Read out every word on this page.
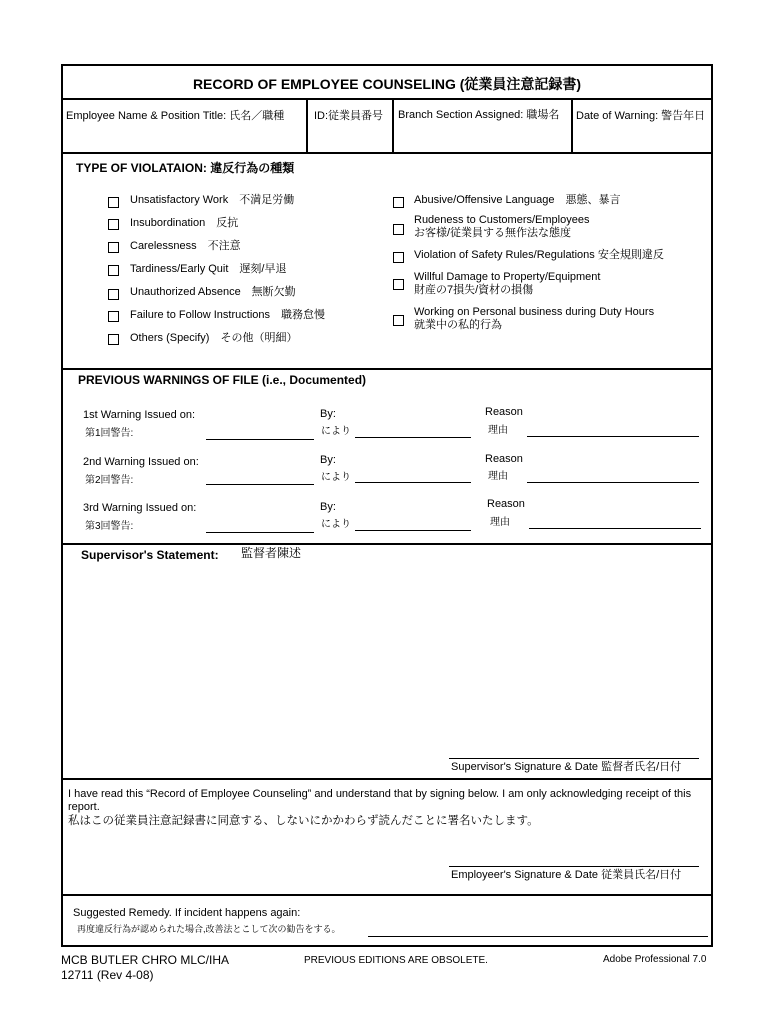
RECORD OF EMPLOYEE COUNSELING (従業員注意記録書)
Employee Name & Position Title: 氏名／職種	ID:従業員番号 Branch Section Assigned: 職場名 Date of Warning: 警告年日
TYPE OF VIOLATAION: 違反行為の種類
Unsatisfactory Work　不満足労働
Insubordination　反抗
Carelessness　不注意
Tardiness/Early Quit　遅刻/早退
Unauthorized Absence　無断欠勤
Failure to Follow Instructions　職務怠慢
Others (Specify)　その他（明細）
Abusive/Offensive Language　悪態、暴言
Rudeness to Customers/Employees
お客様/従業員する無作法な態度
Violation of Safety Rules/Regulations 安全規則違反
Willful Damage to Property/Equipment
財産の7損失/資材の損傷
Working on Personal business during Duty Hours
就業中の私的行為
PREVIOUS WARNINGS OF FILE (i.e., Documented)
1st Warning Issued on:
第1回警告:
By:
により
Reason
理由
2nd Warning Issued on:
第2回警告:
By:
により
Reason
理由
3rd Warning Issued on:
第3回警告:
By:
により
Reason
理由
Supervisor's Statement: 監督者陳述
Supervisor's Signature & Date 監督者氏名/日付
I have read this “Record of Employee Counseling” and understand that by signing below. I am only acknowledging receipt of this report.
私はこの従業員注意記録書に同意する、しないにかかわらず読んだことに署名いたします。
Employeer's Signature & Date 従業員氏名/日付
Suggested Remedy. If incident happens again:
再度違反行為が認められた場合,改善法とこして次の勧告をする。
MCB BUTLER CHRO MLC/IHA
12711 (Rev 4-08)
PREVIOUS EDITIONS ARE OBSOLETE.	Adobe Professional 7.0
